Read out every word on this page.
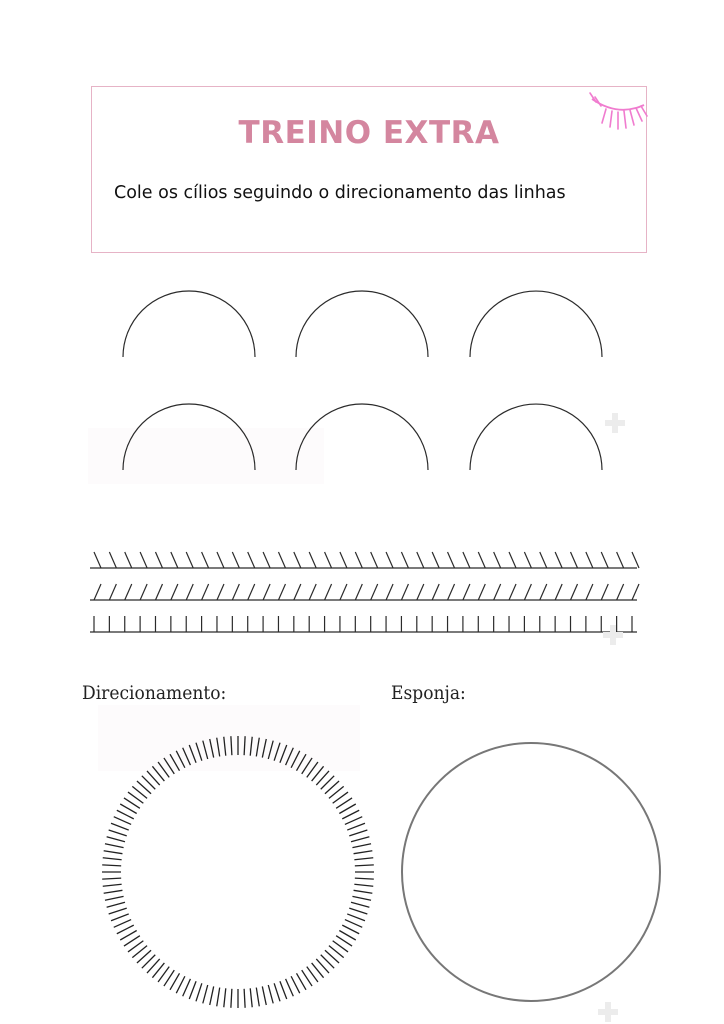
TREINO EXTRA
Cole os cílios seguindo o direcionamento das linhas
Direcionamento:	Esponja:
